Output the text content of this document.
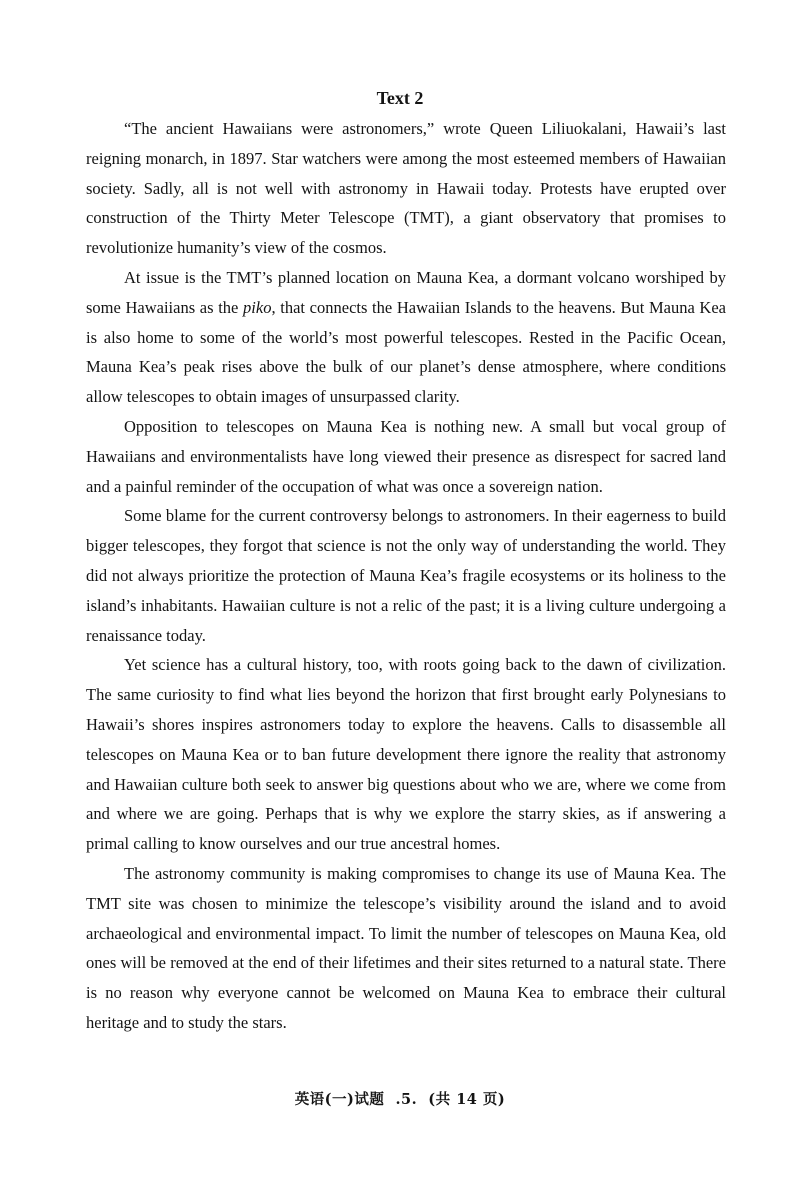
Text 2

“The ancient Hawaiians were astronomers,” wrote Queen Liliuokalani, Hawaii’s last reigning monarch, in 1897. Star watchers were among the most esteemed members of Hawaiian society. Sadly, all is not well with astronomy in Hawaii today. Protests have erupted over construction of the Thirty Meter Telescope (TMT), a giant observatory that promises to revolutionize humanity’s view of the cosmos.

At issue is the TMT’s planned location on Mauna Kea, a dormant volcano worshiped by some Hawaiians as the piko, that connects the Hawaiian Islands to the heavens. But Mauna Kea is also home to some of the world’s most powerful telescopes. Rested in the Pacific Ocean, Mauna Kea’s peak rises above the bulk of our planet’s dense atmosphere, where conditions allow telescopes to obtain images of unsurpassed clarity.

Opposition to telescopes on Mauna Kea is nothing new. A small but vocal group of Hawaiians and environmentalists have long viewed their presence as disrespect for sacred land and a painful reminder of the occupation of what was once a sovereign nation.

Some blame for the current controversy belongs to astronomers. In their eagerness to build bigger telescopes, they forgot that science is not the only way of understanding the world. They did not always prioritize the protection of Mauna Kea’s fragile ecosystems or its holiness to the island’s inhabitants. Hawaiian culture is not a relic of the past; it is a living culture undergoing a renaissance today.

Yet science has a cultural history, too, with roots going back to the dawn of civilization. The same curiosity to find what lies beyond the horizon that first brought early Polynesians to Hawaii’s shores inspires astronomers today to explore the heavens. Calls to disassemble all telescopes on Mauna Kea or to ban future development there ignore the reality that astronomy and Hawaiian culture both seek to answer big questions about who we are, where we come from and where we are going. Perhaps that is why we explore the starry skies, as if answering a primal calling to know ourselves and our true ancestral homes.

The astronomy community is making compromises to change its use of Mauna Kea. The TMT site was chosen to minimize the telescope’s visibility around the island and to avoid archaeological and environmental impact. To limit the number of telescopes on Mauna Kea, old ones will be removed at the end of their lifetimes and their sites returned to a natural state. There is no reason why everyone cannot be welcomed on Mauna Kea to embrace their cultural heritage and to study the stars.

英语(一)试题  .5.  (共 14 页)
